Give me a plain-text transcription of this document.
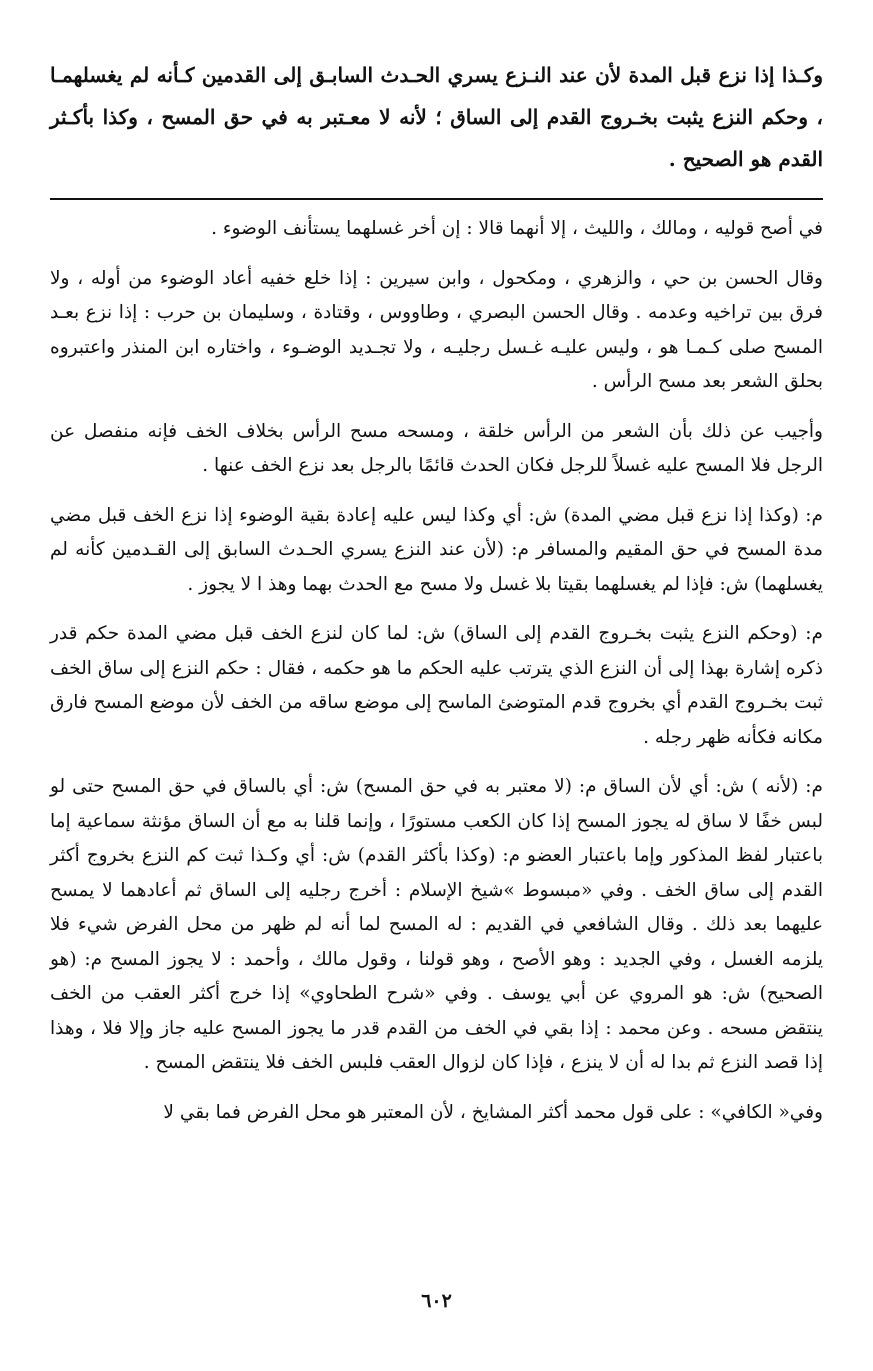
وكـذا إذا نزع قبل المدة لأن عند النـزع يسري الحـدث السابـق إلى القدمين كـأنه لم يغسلهمـا ، وحكم النزع يثبت بخـروج القدم إلى الساق ؛ لأنه لا معـتبر به في حق المسح ، وكذا بأكـثر القدم هو الصحيح .

في أصح قوليه ، ومالك ، والليث ، إلا أنهما قالا : إن أخر غسلهما يستأنف الوضوء .

وقال الحسن بن حي ، والزهري ، ومكحول ، وابن سيرين : إذا خلع خفيه أعاد الوضوء من أوله ، ولا فرق بين تراخيه وعدمه . وقال الحسن البصري ، وطاووس ، وقتادة ، وسليمان بن حرب : إذا نزع بعـد المسح صلى كـمـا هو ، وليس عليـه غـسل رجليـه ، ولا تجـديد الوضـوء ، واختاره ابن المنذر واعتبروه بحلق الشعر بعد مسح الرأس .

وأجيب عن ذلك بأن الشعر من الرأس خلقة ، ومسحه مسح الرأس بخلاف الخف فإنه منفصل عن الرجل فلا المسح عليه غسلاً للرجل فكان الحدث قائمًا بالرجل بعد نزع الخف عنها .

م: (وكذا إذا نزع قبل مضي المدة) ش: أي وكذا ليس عليه إعادة بقية الوضوء إذا نزع الخف قبل مضي مدة المسح في حق المقيم والمسافر م: (لأن عند النزع يسري الحـدث السابق إلى القـدمين كأنه لم يغسلهما) ش: فإذا لم يغسلهما بقيتا بلا غسل ولا مسح مع الحدث بهما وهذ ا لا يجوز .

م: (وحكم النزع يثبت بخـروج القدم إلى الساق) ش: لما كان لنزع الخف قبل مضي المدة حكم قدر ذكره إشارة بهذا إلى أن النزع الذي يترتب عليه الحكم ما هو حكمه ، فقال : حكم النزع إلى ساق الخف ثبت بخـروج القدم أي بخروج قدم المتوضئ الماسح إلى موضع ساقه من الخف لأن موضع المسح فارق مكانه فكأنه ظهر رجله .

م: (لأنه ) ش: أي لأن الساق م: (لا معتبر به في حق المسح) ش: أي بالساق في حق المسح حتى لو لبس خفًا لا ساق له يجوز المسح إذا كان الكعب مستورًا ، وإنما قلنا به مع أن الساق مؤنثة سماعية إما باعتبار لفظ المذكور وإما باعتبار العضو م: (وكذا بأكثر القدم) ش: أي وكـذا ثبت كم النزع بخروج أكثر القدم إلى ساق الخف . وفي «مبسوط »شيخ الإسلام : أخرج رجليه إلى الساق ثم أعادهما لا يمسح عليهما بعد ذلك . وقال الشافعي في القديم : له المسح لما أنه لم ظهر من محل الفرض شيء فلا يلزمه الغسل ، وفي الجديد : وهو الأصح ، وهو قولنا ، وقول مالك ، وأحمد : لا يجوز المسح م: (هو الصحيح) ش: هو المروي عن أبي يوسف . وفي «شرح الطحاوي» إذا خرج أكثر العقب من الخف ينتقض مسحه . وعن محمد : إذا بقي في الخف من القدم قدر ما يجوز المسح عليه جاز وإلا فلا ، وهذا إذا قصد النزع ثم بدا له أن لا ينزع ، فإذا كان لزوال العقب فلبس الخف فلا ينتقض المسح .

وفي« الكافي» : على قول محمد أكثر المشايخ ، لأن المعتبر هو محل الفرض فما بقي لا

٦٠٢
